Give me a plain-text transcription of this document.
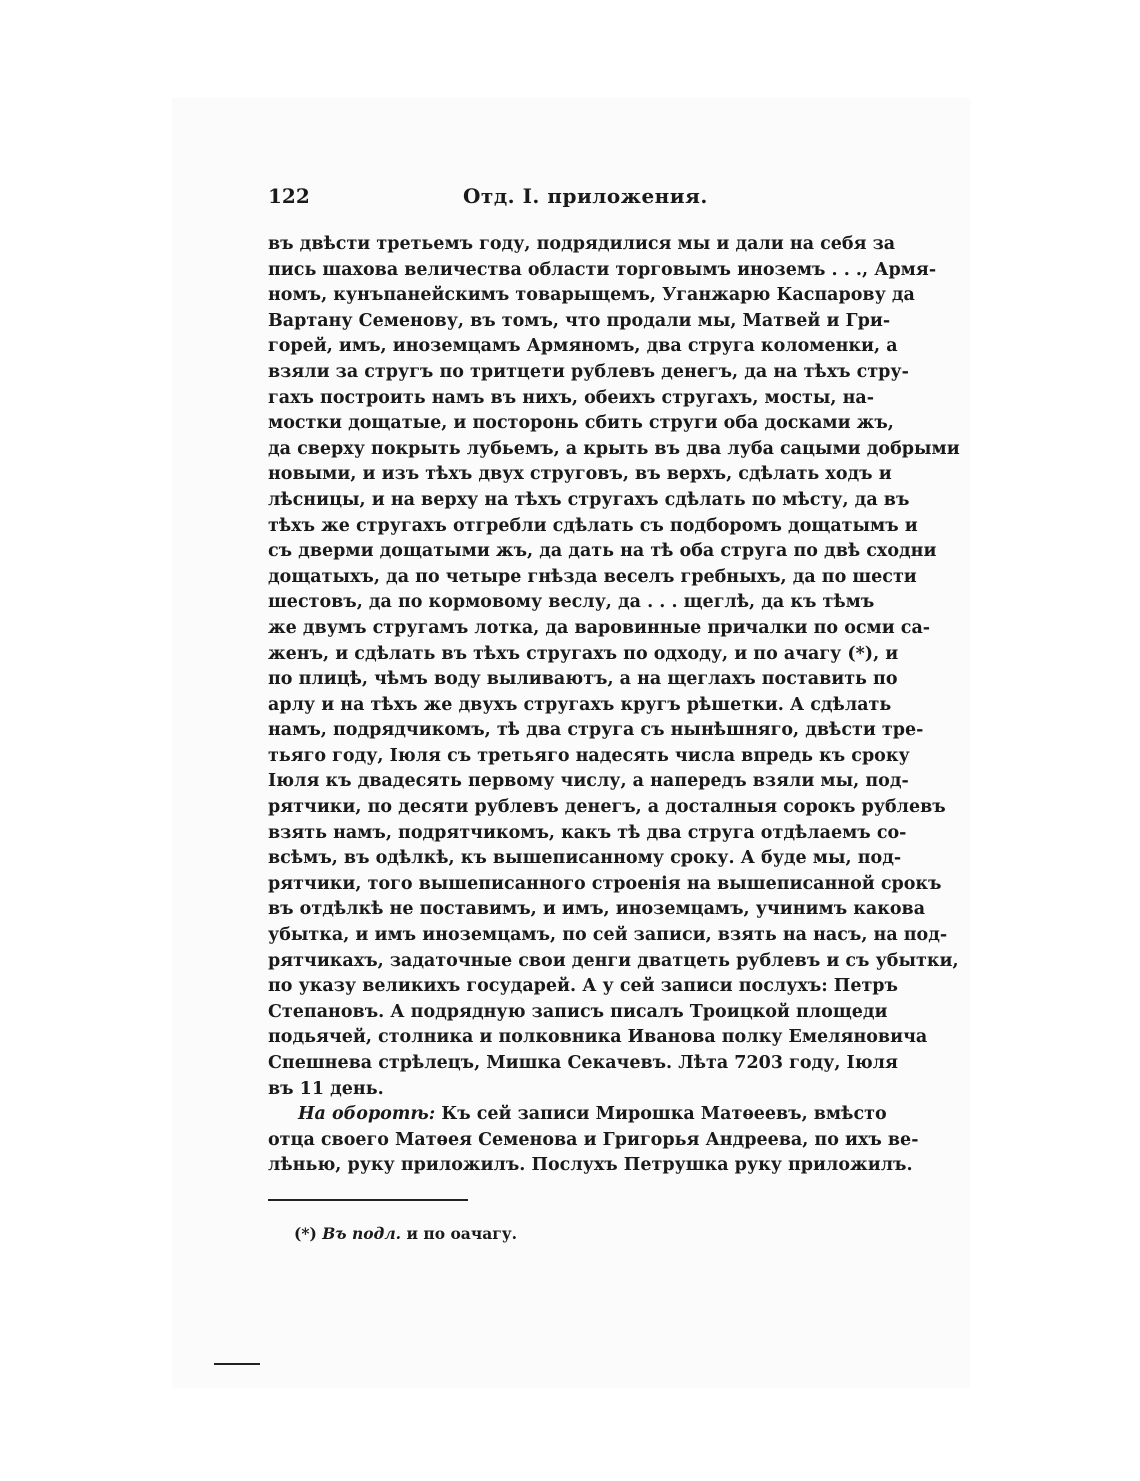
122	Отд. I. приложения.
въ двѣсти третьемъ году, подрядилися мы и дали на себя за
пись шахова величества области торговымъ иноземъ . . ., Армя-
номъ, кунъпанейскимъ товарыщемъ, Уганжарю Каспарову да
Вартану Семенову, въ томъ, что продали мы, Матвей и Гри-
горей, имъ, иноземцамъ Армяномъ, два струга коломенки, а
взяли за стругъ по тритцети рублевъ денегъ, да на тѣхъ стру-
гахъ построить намъ въ нихъ, обеихъ стругахъ, мосты, на-
мостки дощатые, и посторонь сбить струги оба досками жъ,
да сверху покрыть лубьемъ, а крыть въ два луба сацыми добрыми
новыми, и изъ тѣхъ двух струговъ, въ верхъ, сдѣлать ходъ и
лѣсницы, и на верху на тѣхъ стругахъ сдѣлать по мѣсту, да въ
тѣхъ же стругахъ отгребли сдѣлать съ подборомъ дощатымъ и
съ дверми дощатыми жъ, да дать на тѣ оба струга по двѣ сходни
дощатыхъ, да по четыре гнѣзда веселъ гребныхъ, да по шести
шестовъ, да по кормовому веслу, да . . . щеглѣ, да къ тѣмъ
же двумъ стругамъ лотка, да варовинные причалки по осми са-
женъ, и сдѣлать въ тѣхъ стругахъ по одходу, и по ачагу (*), и
по плицѣ, чѣмъ воду выливаютъ, а на щеглахъ поставить по
арлу и на тѣхъ же двухъ стругахъ кругъ рѣшетки. А сдѣлать
намъ, подрядчикомъ, тѣ два струга съ нынѣшняго, двѣсти тре-
тьяго году, Іюля съ третьяго надесять числа впредь къ сроку
Іюля къ двадесять первому числу, а напередъ взяли мы, под-
рятчики, по десяти рублевъ денегъ, а досталныя сорокъ рублевъ
взять намъ, подрятчикомъ, какъ тѣ два струга отдѣлаемъ со-
всѣмъ, въ одѣлкѣ, къ вышеписанному сроку. А буде мы, под-
рятчики, того вышеписанного строенія на вышеписанной срокъ
въ отдѣлкѣ не поставимъ, и имъ, иноземцамъ, учинимъ какова
убытка, и имъ иноземцамъ, по сей записи, взять на насъ, на под-
рятчикахъ, задаточные свои денги дватцеть рублевъ и съ убытки,
по указу великихъ государей. А у сей записи послухъ: Петръ
Степановъ. А подрядную записъ писалъ Троицкой площеди
подьячей, столника и полковника Иванова полку Емеляновича
Спешнева стрѣлецъ, Мишка Секачевъ. Лѣта 7203 году, Іюля
въ 11 день.
На оборотѣ: Къ сей записи Мирошка Матѳеевъ, вмѣсто
отца своего Матѳея Семенова и Григорья Андреева, по ихъ ве-
лѣнью, руку приложилъ. Послухъ Петрушка руку приложилъ.
(*) Въ подл. и по оачагу.
